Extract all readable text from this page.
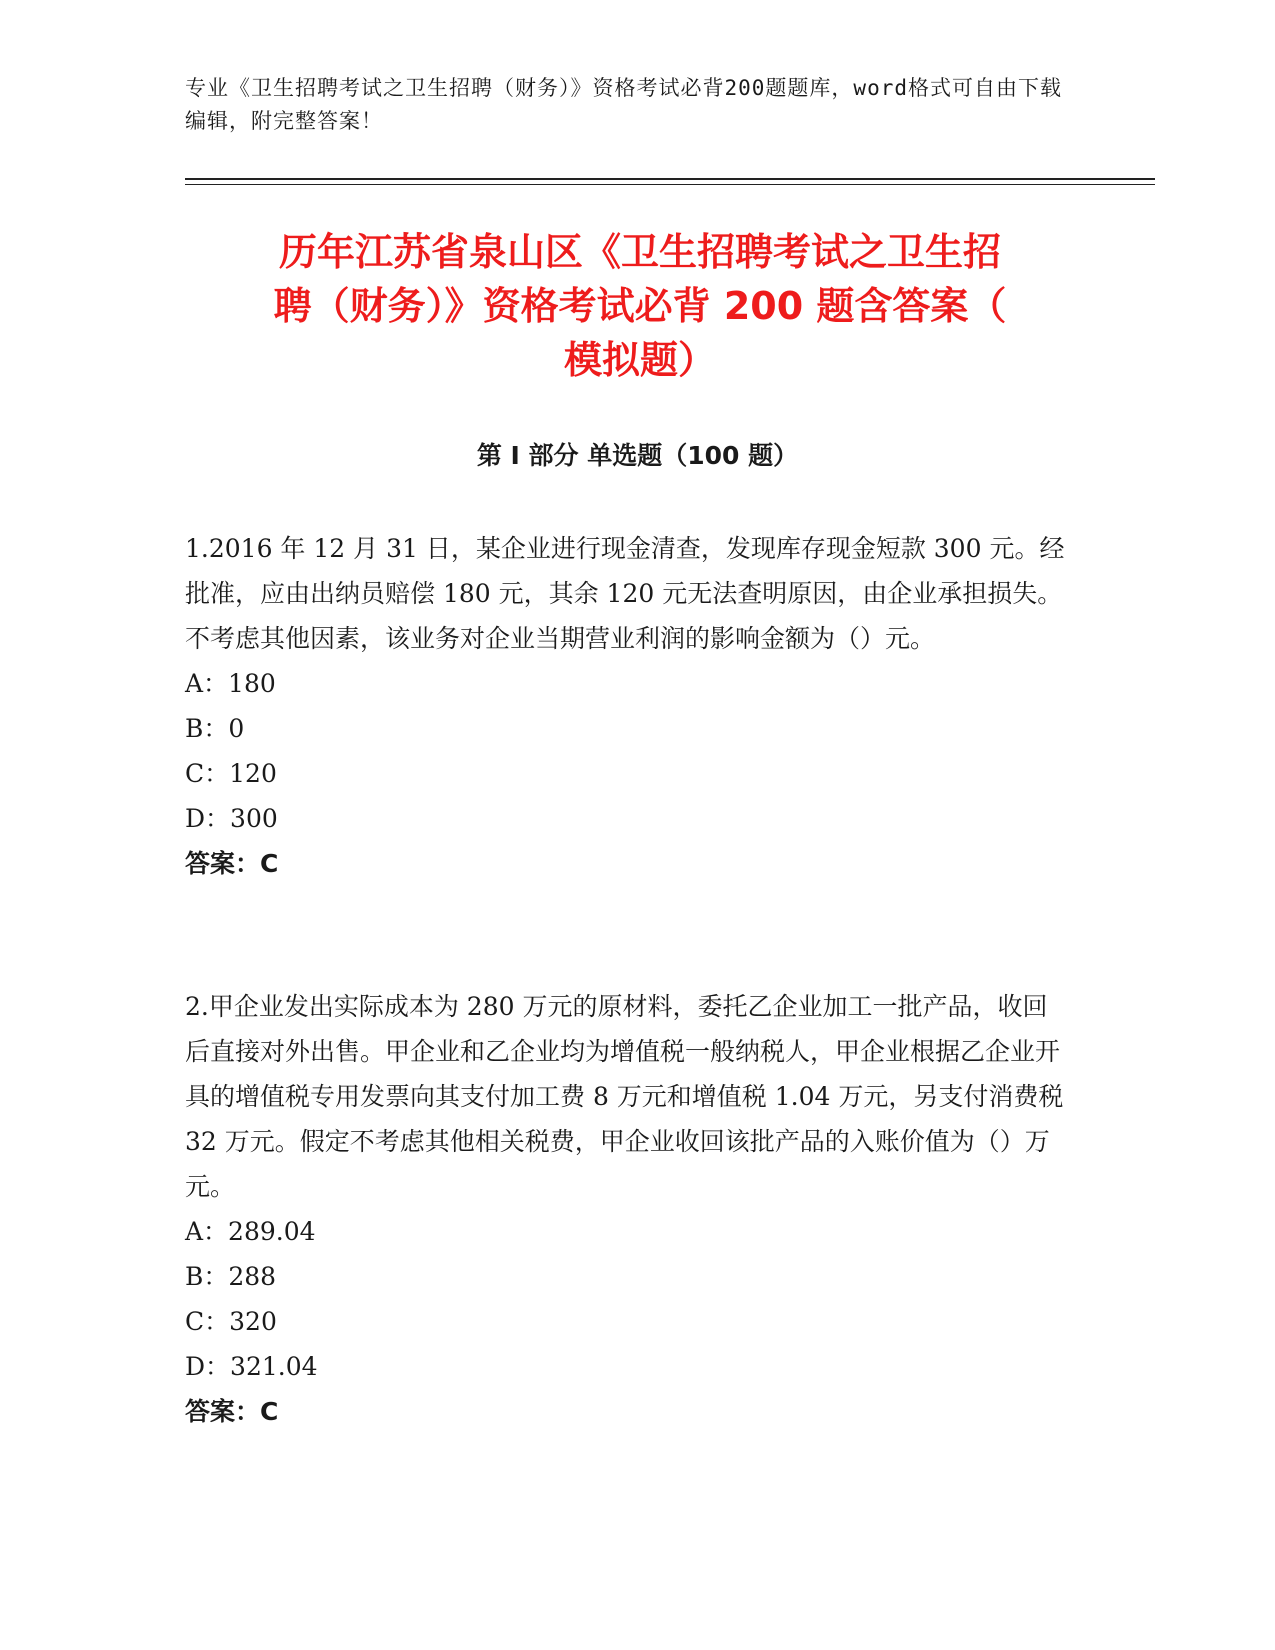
专业《卫生招聘考试之卫生招聘（财务）》资格考试必背200题题库，word格式可自由下载编辑，附完整答案！
历年江苏省泉山区《卫生招聘考试之卫生招
聘（财务）》资格考试必背 200 题含答案（
模拟题）
第 I 部分 单选题（100 题）

1.2016 年 12 月 31 日，某企业进行现金清查，发现库存现金短款 300 元。经批准，应由出纳员赔偿 180 元，其余 120 元无法查明原因，由企业承担损失。不考虑其他因素，该业务对企业当期营业利润的影响金额为（）元。

A：180

B：0

C：120

D：300

答案：C

2.甲企业发出实际成本为 280 万元的原材料，委托乙企业加工一批产品，收回后直接对外出售。甲企业和乙企业均为增值税一般纳税人，甲企业根据乙企业开具的增值税专用发票向其支付加工费 8 万元和增值税 1.04 万元，另支付消费税 32 万元。假定不考虑其他相关税费，甲企业收回该批产品的入账价值为（）万元。

A：289.04

B：288

C：320

D：321.04

答案：C
